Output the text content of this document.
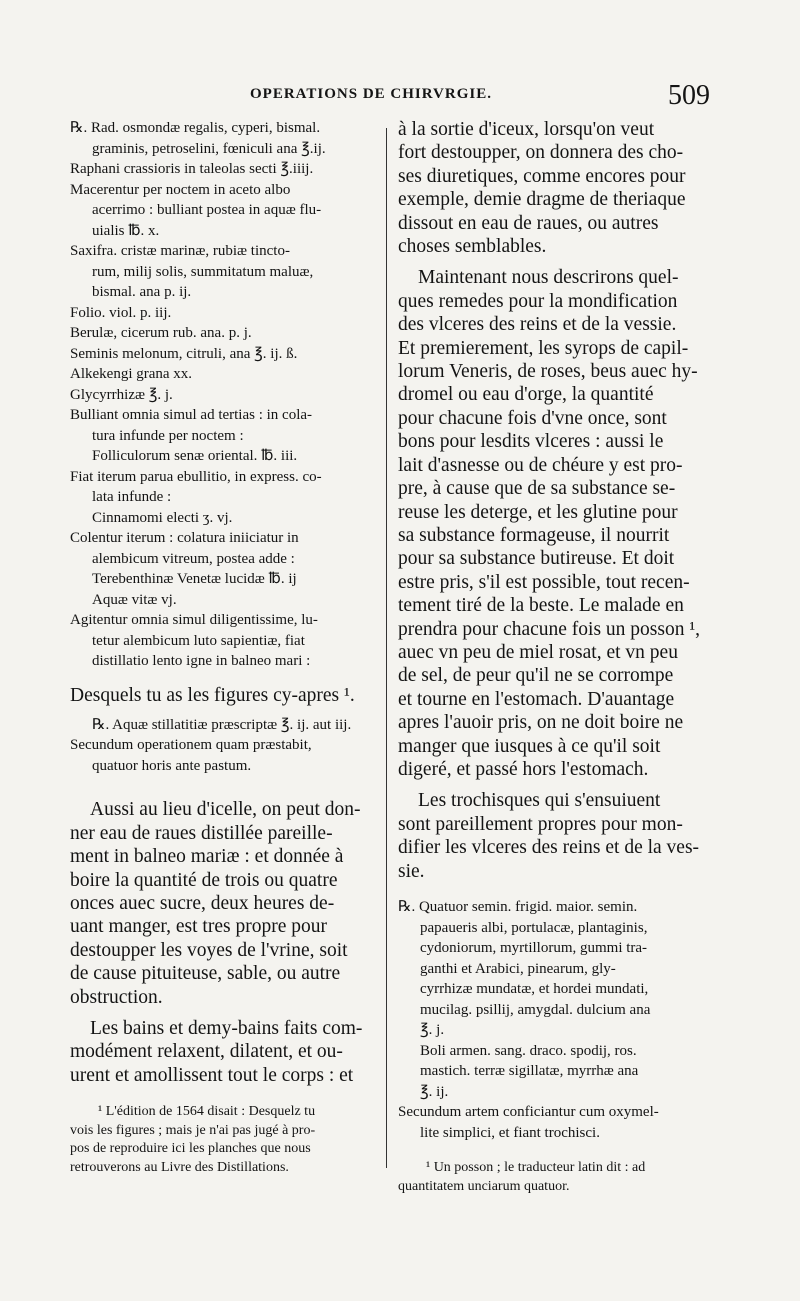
OPERATIONS DE CHIRVRGIE.	509
℞. Rad. osmondæ regalis, cyperi, bismal.
graminis, petroselini, fœniculi ana ℥.ij.
Raphani crassioris in taleolas secti ℥.iiij.
Macerentur per noctem in aceto albo
acerrimo : bulliant postea in aquæ flu-
uialis ℔. x.
Saxifra. cristæ marinæ, rubiæ tincto-
rum, milij solis, summitatum maluæ,
bismal. ana p. ij.
Folio. viol. p. iij.
Berulæ, cicerum rub. ana. p. j.
Seminis melonum, citruli, ana ℥. ij. ß.
Alkekengi grana xx.
Glycyrrhizæ ℥. j.
Bulliant omnia simul ad tertias : in cola-
tura infunde per noctem :
Folliculorum senæ oriental. ℔. iii.
Fiat iterum parua ebullitio, in express. co-
lata infunde :
Cinnamomi electi ʒ. vj.
Colentur iterum : colatura iniiciatur in
alembicum vitreum, postea adde :
Terebenthinæ Venetæ lucidæ ℔. ij
Aquæ vitæ vj.
Agitentur omnia simul diligentissime, lu-
tetur alembicum luto sapientiæ, fiat
distillatio lento igne in balneo mari :
Desquels tu as les figures cy-apres ¹.
℞. Aquæ stillatitiæ præscriptæ ℥. ij. aut iij.
Secundum operationem quam præstabit,
quatuor horis ante pastum.
Aussi au lieu d'icelle, on peut don-
ner eau de raues distillée pareille-
ment in balneo mariæ : et donnée à
boire la quantité de trois ou quatre
onces auec sucre, deux heures de-
uant manger, est tres propre pour
destoupper les voyes de l'vrine, soit
de cause pituiteuse, sable, ou autre
obstruction.
Les bains et demy-bains faits com-
modément relaxent, dilatent, et ou-
urent et amollissent tout le corps : et
¹ L'édition de 1564 disait : Desquelz tu
vois les figures ; mais je n'ai pas jugé à pro-
pos de reproduire ici les planches que nous
retrouverons au Livre des Distillations.
à la sortie d'iceux, lorsqu'on veut
fort destoupper, on donnera des cho-
ses diuretiques, comme encores pour
exemple, demie dragme de theriaque
dissout en eau de raues, ou autres
choses semblables.
Maintenant nous descrirons quel-
ques remedes pour la mondification
des vlceres des reins et de la vessie.
Et premierement, les syrops de capil-
lorum Veneris, de roses, beus auec hy-
dromel ou eau d'orge, la quantité
pour chacune fois d'vne once, sont
bons pour lesdits vlceres : aussi le
lait d'asnesse ou de chéure y est pro-
pre, à cause que de sa substance se-
reuse les deterge, et les glutine pour
sa substance formageuse, il nourrit
pour sa substance butireuse. Et doit
estre pris, s'il est possible, tout recen-
tement tiré de la beste. Le malade en
prendra pour chacune fois un posson ¹,
auec vn peu de miel rosat, et vn peu
de sel, de peur qu'il ne se corrompe
et tourne en l'estomach. D'auantage
apres l'auoir pris, on ne doit boire ne
manger que iusques à ce qu'il soit
digeré, et passé hors l'estomach.
Les trochisques qui s'ensuiuent
sont pareillement propres pour mon-
difier les vlceres des reins et de la ves-
sie.
℞. Quatuor semin. frigid. maior. semin.
papaueris albi, portulacæ, plantaginis,
cydoniorum, myrtillorum, gummi tra-
ganthi et Arabici, pinearum, gly-
cyrrhizæ mundatæ, et hordei mundati,
mucilag. psillij, amygdal. dulcium ana
℥. j.
Boli armen. sang. draco. spodij, ros.
mastich. terræ sigillatæ, myrrhæ ana
℥. ij.
Secundum artem conficiantur cum oxymel-
lite simplici, et fiant trochisci.
¹ Un posson ; le traducteur latin dit : ad
quantitatem unciarum quatuor.
